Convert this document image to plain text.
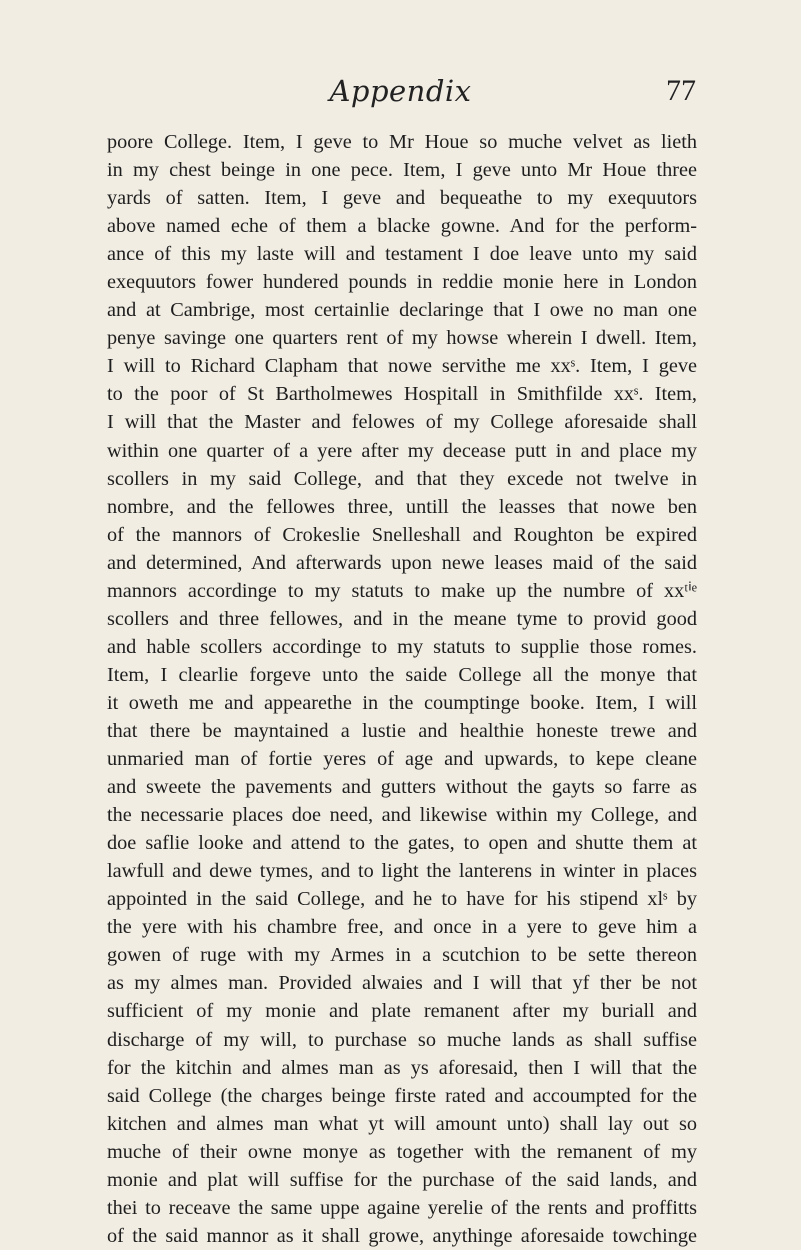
Appendix	77
poore College. Item, I geve to Mr Houe so muche velvet as lieth
in my chest beinge in one pece. Item, I geve unto Mr Houe three
yards of satten. Item, I geve and bequeathe to my exequutors
above named eche of them a blacke gowne. And for the perform-
ance of this my laste will and testament I doe leave unto my said
exequutors fower hundered pounds in reddie monie here in London
and at Cambrige, most certainlie declaringe that I owe no man one
penye savinge one quarters rent of my howse wherein I dwell. Item,
I will to Richard Clapham that nowe servithe me xxˢ. Item, I geve
to the poor of St Bartholmewes Hospitall in Smithfilde xxˢ. Item,
I will that the Master and felowes of my College aforesaide shall
within one quarter of a yere after my decease putt in and place my
scollers in my said College, and that they excede not twelve in
nombre, and the fellowes three, untill the leasses that nowe ben
of the mannors of Crokeslie Snelleshall and Roughton be expired
and determined, And afterwards upon newe leases maid of the said
mannors accordinge to my statuts to make up the numbre of xxᵗⁱᵉ
scollers and three fellowes, and in the meane tyme to provid good
and hable scollers accordinge to my statuts to supplie those romes.
Item, I clearlie forgeve unto the saide College all the monye that
it oweth me and appearethe in the coumptinge booke. Item, I will
that there be mayntained a lustie and healthie honeste trewe and
unmaried man of fortie yeres of age and upwards, to kepe cleane
and sweete the pavements and gutters without the gayts so farre as
the necessarie places doe need, and likewise within my College, and
doe saflie looke and attend to the gates, to open and shutte them at
lawfull and dewe tymes, and to light the lanterens in winter in places
appointed in the said College, and he to have for his stipend xlˢ by
the yere with his chambre free, and once in a yere to geve him a
gowen of ruge with my Armes in a scutchion to be sette thereon
as my almes man. Provided alwaies and I will that yf ther be not
sufficient of my monie and plate remanent after my buriall and
discharge of my will, to purchase so muche lands as shall suffise
for the kitchin and almes man as ys aforesaid, then I will that the
said College (the charges beinge firste rated and accoumpted for the
kitchen and almes man what yt will amount unto) shall lay out so
muche of their owne monye as together with the remanent of my
monie and plat will suffise for the purchase of the said lands, and
thei to receave the same uppe againe yerelie of the rents and proffitts
of the said mannor as it shall growe, anythinge aforesaide towchinge
